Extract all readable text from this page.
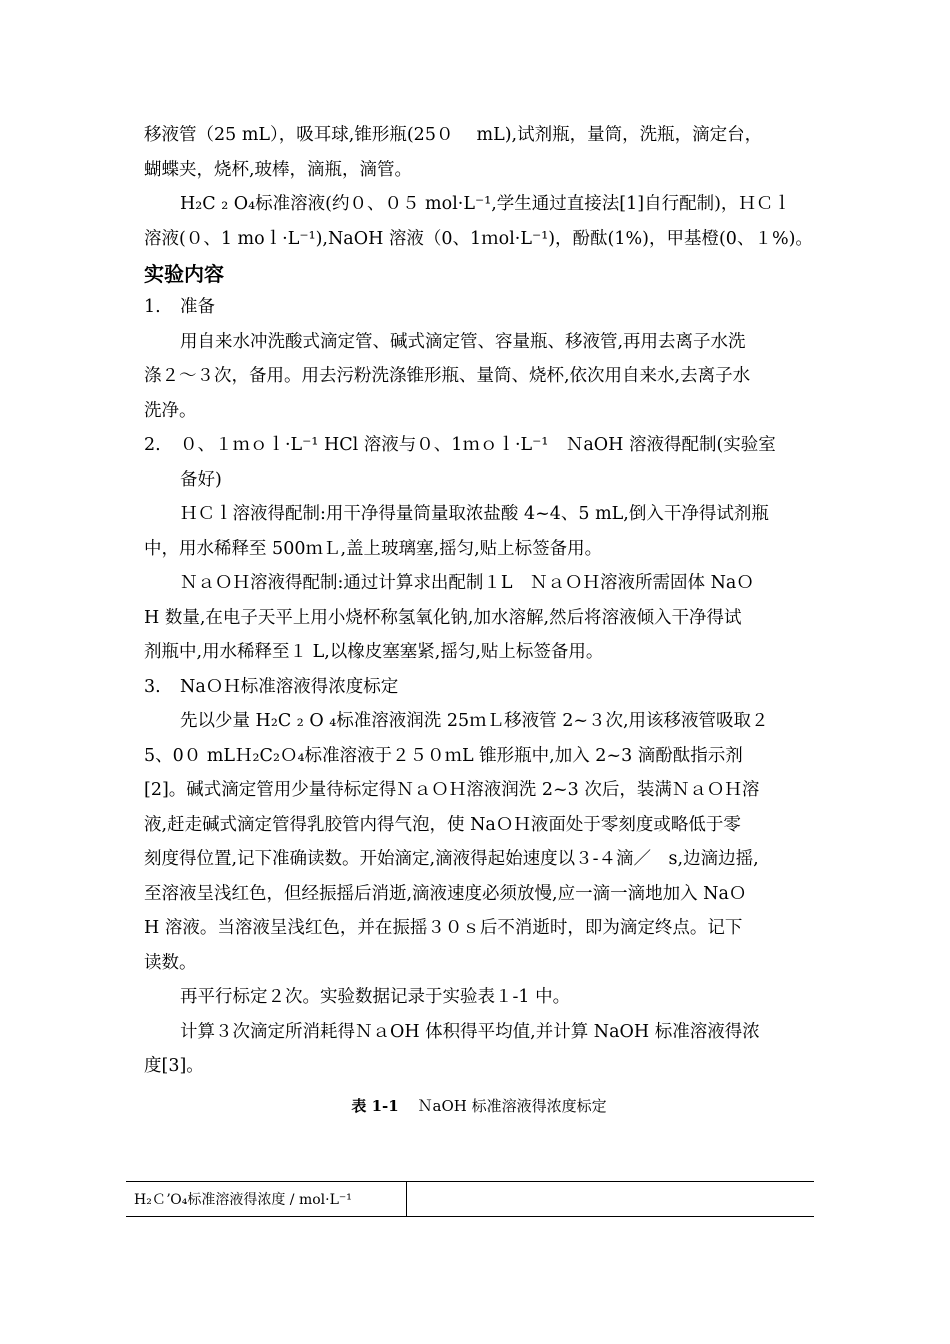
移液管（25 mL），吸耳球,锥形瓶(25０　 mL),试剂瓶，量筒，洗瓶，滴定台，
蝴蝶夹，烧杯,玻棒，滴瓶，滴管。

H₂C ₂ O₄标准溶液(约０、０５ mol·L⁻¹,学生通过直接法[1]自行配制)，ＨＣｌ
溶液(０、1 moｌ·L⁻¹),NaOH 溶液（0、1ｍol·L⁻¹)，酚酞(1%)，甲基橙(0、１%)。

实验内容

1. 准备

用自来水冲洗酸式滴定管、碱式滴定管、容量瓶、移液管,再用去离子水洗
涤２～３次，备用。用去污粉洗涤锥形瓶、量筒、烧杯,依次用自来水,去离子水
洗净。

2. ０、１ｍｏｌ·L⁻¹ HCl 溶液与０、1ｍｏｌ·L⁻¹　ＮaOH 溶液得配制(实验室
备好)

ＨＣｌ溶液得配制:用干净得量筒量取浓盐酸 4~4、5 mL,倒入干净得试剂瓶
中，用水稀释至 500ｍＬ,盖上玻璃塞,摇匀,贴上标签备用。

ＮａＯＨ溶液得配制:通过计算求出配制１L　ＮａＯＨ溶液所需固体 NaＯ
H 数量,在电子天平上用小烧杯称氢氧化钠,加水溶解,然后将溶液倾入干净得试
剂瓶中,用水稀释至１ L,以橡皮塞塞紧,摇匀,贴上标签备用。

3. NaＯＨ标准溶液得浓度标定

先以少量 H₂C ₂ O ₄标准溶液润洗 25ｍＬ移液管 2~３次,用该移液管吸取２
5、0０ mLＨ₂C₂Ｏ₄标准溶液于２５０ｍL 锥形瓶中,加入 2~3 滴酚酞指示剂
[2]。碱式滴定管用少量待标定得ＮａＯＨ溶液润洗 2~3 次后，装满ＮａＯＨ溶
液,赶走碱式滴定管得乳胶管内得气泡，使 NaＯＨ液面处于零刻度或略低于零
刻度得位置,记下准确读数。开始滴定,滴液得起始速度以３-４滴／　s,边滴边摇,
至溶液呈浅红色，但经振摇后消逝,滴液速度必须放慢,应一滴一滴地加入 NaＯ
H 溶液。当溶液呈浅红色，并在振摇３０ｓ后不消逝时，即为滴定终点。记下
读数。

再平行标定２次。实验数据记录于实验表１-1 中。

计算３次滴定所消耗得ＮａOH 体积得平均值,并计算 NaOH 标准溶液得浓
度[3]。

表 1-1 ＮaOH 标准溶液得浓度标定
H₂ＣʼO₄标准溶液得浓度 / mol·L⁻¹	
